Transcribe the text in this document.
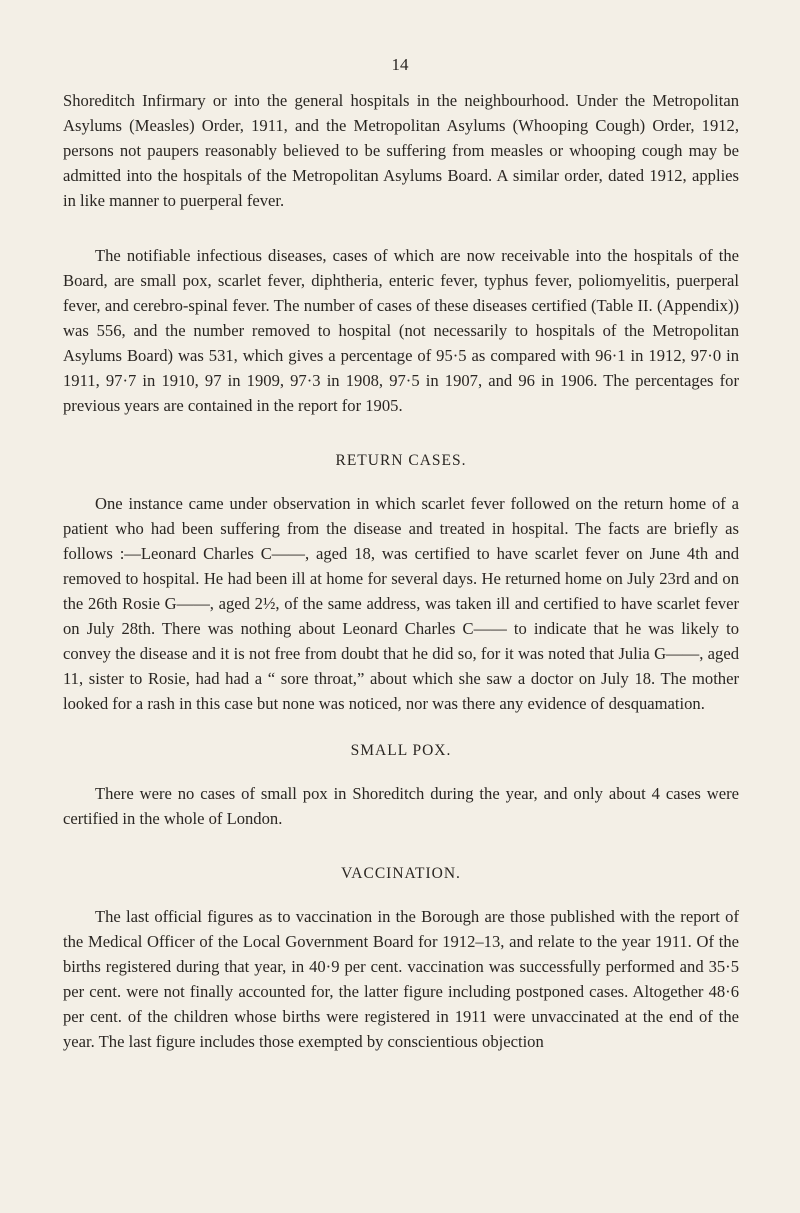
14

Shoreditch Infirmary or into the general hospitals in the neighbourhood. Under the Metropolitan Asylums (Measles) Order, 1911, and the Metropolitan Asylums (Whooping Cough) Order, 1912, persons not paupers reasonably believed to be suffering from measles or whooping cough may be admitted into the hospitals of the Metropolitan Asylums Board. A similar order, dated 1912, applies in like manner to puerperal fever.

The notifiable infectious diseases, cases of which are now receivable into the hospitals of the Board, are small pox, scarlet fever, diphtheria, enteric fever, typhus fever, poliomyelitis, puerperal fever, and cerebro-spinal fever. The number of cases of these diseases certified (Table II. (Appendix)) was 556, and the number removed to hospital (not necessarily to hospitals of the Metropolitan Asylums Board) was 531, which gives a percentage of 95·5 as compared with 96·1 in 1912, 97·0 in 1911, 97·7 in 1910, 97 in 1909, 97·3 in 1908, 97·5 in 1907, and 96 in 1906. The percentages for previous years are contained in the report for 1905.

RETURN CASES.

One instance came under observation in which scarlet fever followed on the return home of a patient who had been suffering from the disease and treated in hospital. The facts are briefly as follows :—Leonard Charles C——, aged 18, was certified to have scarlet fever on June 4th and removed to hospital. He had been ill at home for several days. He returned home on July 23rd and on the 26th Rosie G——, aged 2½, of the same address, was taken ill and certified to have scarlet fever on July 28th. There was nothing about Leonard Charles C—— to indicate that he was likely to convey the disease and it is not free from doubt that he did so, for it was noted that Julia G——, aged 11, sister to Rosie, had had a “ sore throat,” about which she saw a doctor on July 18. The mother looked for a rash in this case but none was noticed, nor was there any evidence of desquamation.

SMALL POX.

There were no cases of small pox in Shoreditch during the year, and only about 4 cases were certified in the whole of London.

VACCINATION.

The last official figures as to vaccination in the Borough are those published with the report of the Medical Officer of the Local Government Board for 1912–13, and relate to the year 1911. Of the births registered during that year, in 40·9 per cent. vaccination was successfully performed and 35·5 per cent. were not finally accounted for, the latter figure including postponed cases. Altogether 48·6 per cent. of the children whose births were registered in 1911 were unvaccinated at the end of the year. The last figure includes those exempted by conscientious objection
